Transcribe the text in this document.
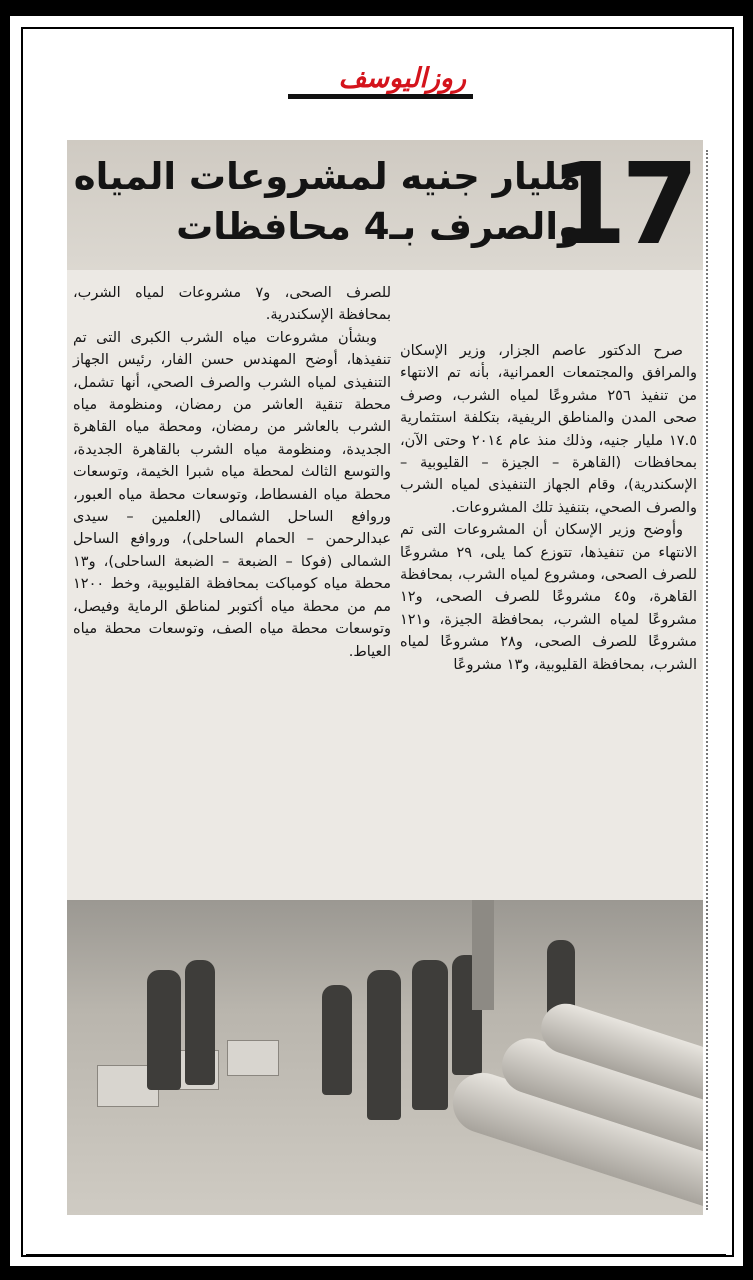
روزاليوسف
17
مليار جنيه لمشروعات المياه
والصرف بـ4 محافظات

صرح الدكتور عاصم الجزار، وزير الإسكان والمرافق والمجتمعات العمرانية، بأنه تم الانتهاء من تنفيذ ٢٥٦ مشروعًا لمياه الشرب، وصرف صحى المدن والمناطق الريفية، بتكلفة استثمارية ١٧.٥ مليار جنيه، وذلك منذ عام ٢٠١٤ وحتى الآن، بمحافظات (القاهرة – الجيزة – القليوبية – الإسكندرية)، وقام الجهاز التنفيذى لمياه الشرب والصرف الصحي، بتنفيذ تلك المشروعات.

وأوضح وزير الإسكان أن المشروعات التى تم الانتهاء من تنفيذها، تتوزع كما يلى، ٢٩ مشروعًا للصرف الصحى، ومشروع لمياه الشرب، بمحافظة القاهرة، و٤٥ مشروعًا للصرف الصحى، و١٢ مشروعًا لمياه الشرب، بمحافظة الجيزة، و١٢١ مشروعًا للصرف الصحى، و٢٨ مشروعًا لمياه الشرب، بمحافظة القليوبية، و١٣ مشروعًا

للصرف الصحى، و٧ مشروعات لمياه الشرب، بمحافظة الإسكندرية.

وبشأن مشروعات مياه الشرب الكبرى التى تم تنفيذها، أوضح المهندس حسن الفار، رئيس الجهاز التنفيذى لمياه الشرب والصرف الصحي، أنها تشمل، محطة تنقية العاشر من رمضان، ومنظومة مياه الشرب بالعاشر من رمضان، ومحطة مياه القاهرة الجديدة، ومنظومة مياه الشرب بالقاهرة الجديدة، والتوسع الثالث لمحطة مياه شبرا الخيمة، وتوسعات محطة مياه الفسطاط، وتوسعات محطة مياه العبور، وروافع الساحل الشمالى (العلمين – سيدى عبدالرحمن – الحمام الساحلى)، وروافع الساحل الشمالى (فوكا – الضبعة – الضبعة الساحلى)، و١٣ محطة مياه كومباكت بمحافظة القليوبية، وخط ١٢٠٠ مم من محطة مياه أكتوبر لمناطق الرماية وفيصل، وتوسعات محطة مياه الصف، وتوسعات محطة مياه العياط.
